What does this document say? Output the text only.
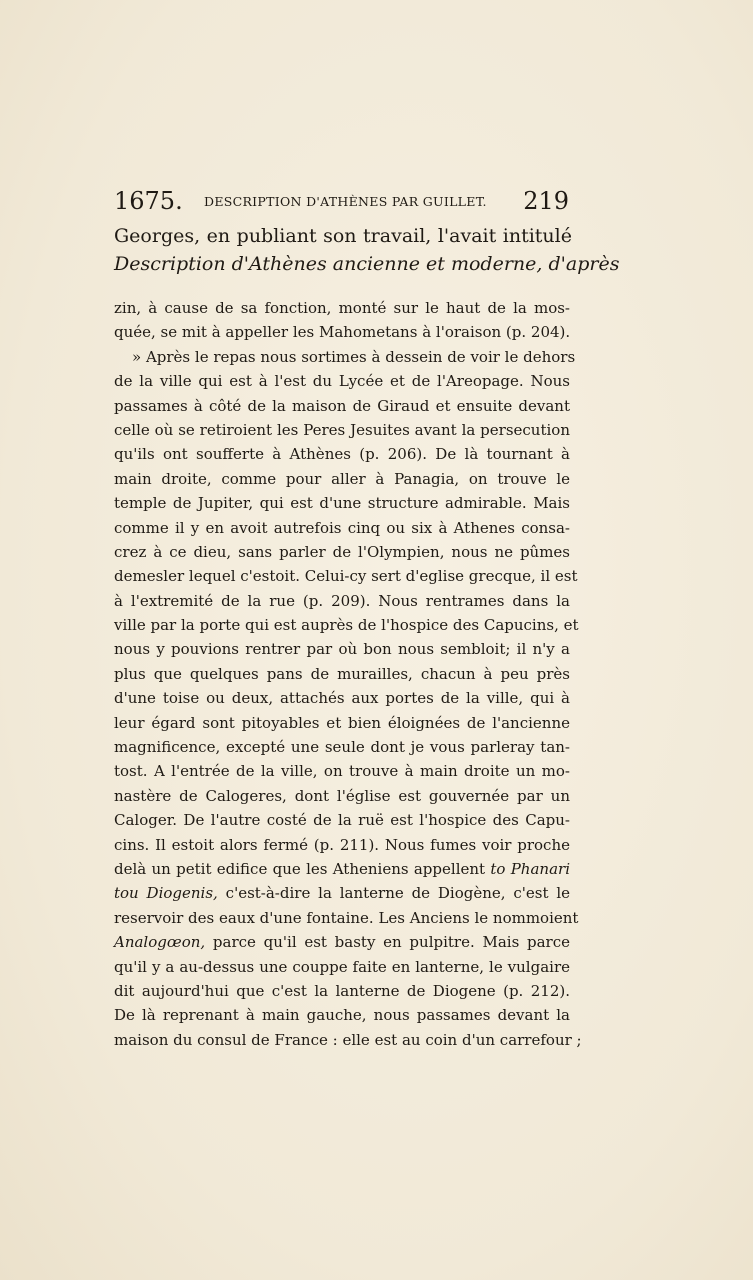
1675. DESCRIPTION D'ATHÈNES PAR GUILLET. 219
Georges, en publiant son travail, l'avait intitulé
Description d'Athènes ancienne et moderne, d'après
zin, à cause de sa fonction, monté sur le haut de la mos-
quée, se mit à appeller les Mahometans à l'oraison (p. 204).
» Après le repas nous sortimes à dessein de voir le dehors
de la ville qui est à l'est du Lycée et de l'Areopage. Nous
passames à côté de la maison de Giraud et ensuite devant
celle où se retiroient les Peres Jesuites avant la persecution
qu'ils ont soufferte à Athènes (p. 206). De là tournant à
main droite, comme pour aller à Panagia, on trouve le
temple de Jupiter, qui est d'une structure admirable. Mais
comme il y en avoit autrefois cinq ou six à Athenes consa-
crez à ce dieu, sans parler de l'Olympien, nous ne pûmes
demesler lequel c'estoit. Celui-cy sert d'eglise grecque, il est
à l'extremité de la rue (p. 209). Nous rentrames dans la
ville par la porte qui est auprès de l'hospice des Capucins, et
nous y pouvions rentrer par où bon nous sembloit; il n'y a
plus que quelques pans de murailles, chacun à peu près
d'une toise ou deux, attachés aux portes de la ville, qui à
leur égard sont pitoyables et bien éloignées de l'ancienne
magnificence, excepté une seule dont je vous parleray tan-
tost. A l'entrée de la ville, on trouve à main droite un mo-
nastère de Calogeres, dont l'église est gouvernée par un
Caloger. De l'autre costé de la ruë est l'hospice des Capu-
cins. Il estoit alors fermé (p. 211). Nous fumes voir proche
delà un petit edifice que les Atheniens appellent to Phanari
tou Diogenis, c'est-à-dire la lanterne de Diogène, c'est le
reservoir des eaux d'une fontaine. Les Anciens le nommoient
Analogœon, parce qu'il est basty en pulpitre. Mais parce
qu'il y a au-dessus une couppe faite en lanterne, le vulgaire
dit aujourd'hui que c'est la lanterne de Diogene (p. 212).
De là reprenant à main gauche, nous passames devant la
maison du consul de France : elle est au coin d'un carrefour ;
